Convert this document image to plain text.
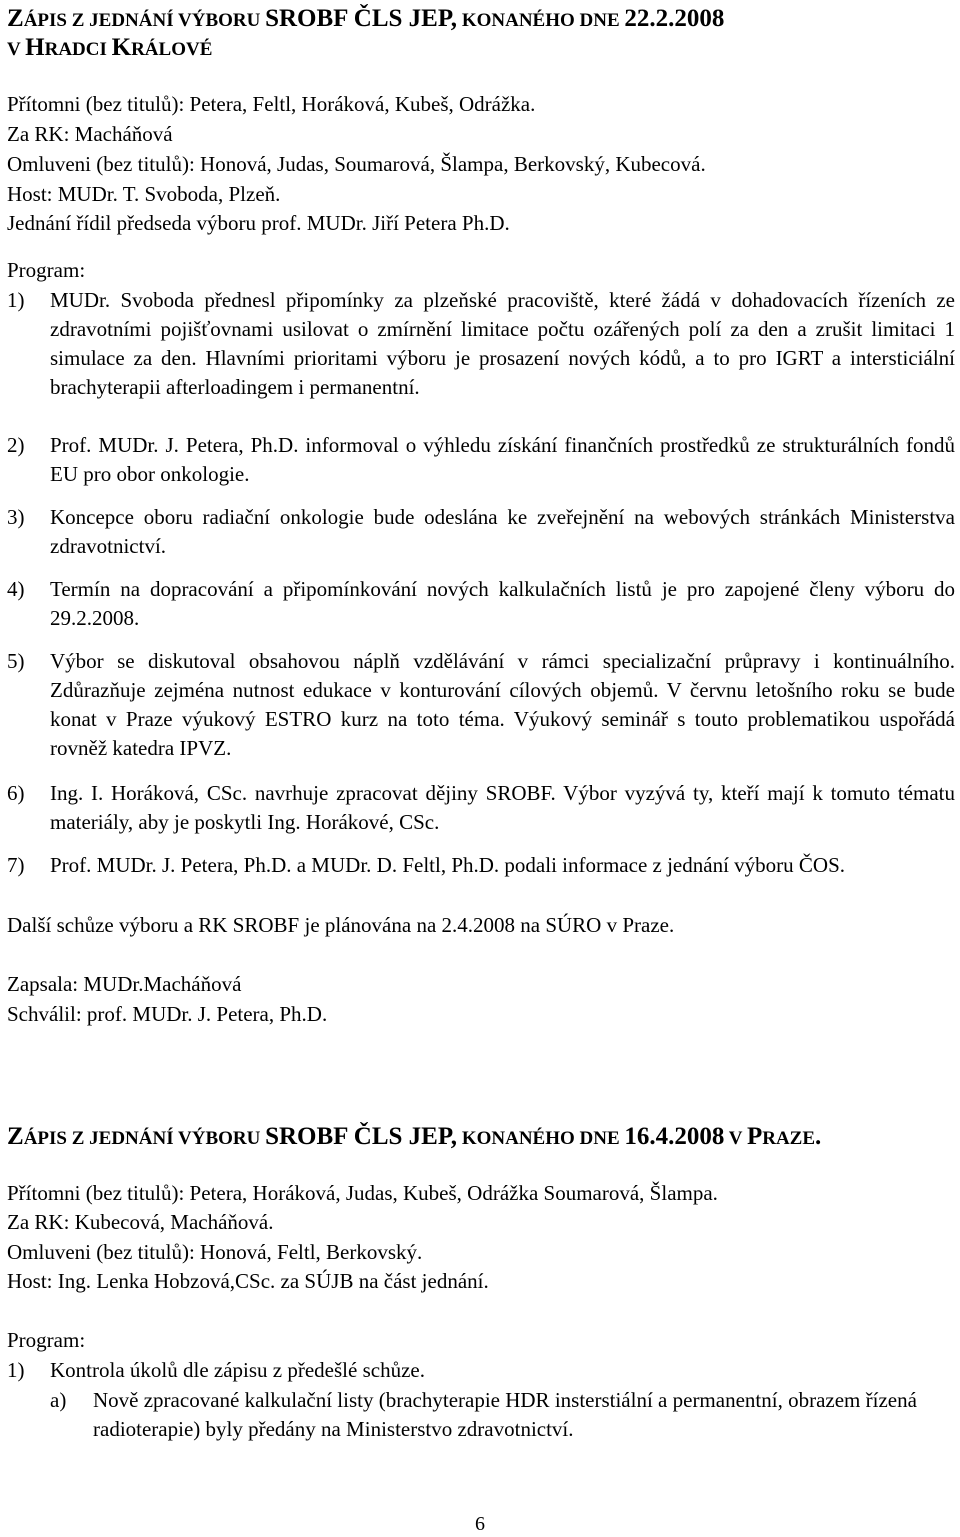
ZÁPIS Z JEDNÁNÍ VÝBORU SROBF ČLS JEP, KONANÉHO DNE 22.2.2008
V HRADCI KRÁLOVÉ
Přítomni (bez titulů): Petera, Feltl, Horáková, Kubeš, Odrážka.
Za RK: Macháňová
Omluveni (bez titulů): Honová, Judas, Soumarová, Šlampa, Berkovský, Kubecová.
Host: MUDr. T. Svoboda, Plzeň.
Jednání řídil předseda výboru prof. MUDr. Jiří Petera Ph.D.
Program:
1) MUDr. Svoboda přednesl připomínky za plzeňské pracoviště, které žádá v dohadovacích řízeních ze zdravotními pojišťovnami usilovat o zmírnění limitace počtu ozářených polí za den a zrušit limitaci 1 simulace za den. Hlavními prioritami výboru je prosazení nových kódů, a to pro IGRT a intersticiální brachyterapii afterloadingem i permanentní.
2) Prof. MUDr. J. Petera, Ph.D. informoval o výhledu získání finančních prostředků ze strukturálních fondů EU pro obor onkologie.
3) Koncepce oboru radiační onkologie bude odeslána ke zveřejnění na webových stránkách Ministerstva zdravotnictví.
4) Termín na dopracování a připomínkování nových kalkulačních listů je pro zapojené členy výboru do 29.2.2008.
5) Výbor se diskutoval obsahovou náplň vzdělávání v rámci specializační průpravy i kontinuálního. Zdůrazňuje zejména nutnost edukace v konturování cílových objemů. V červnu letošního roku se bude konat v Praze výukový ESTRO kurz na toto téma. Výukový seminář s touto problematikou uspořádá rovněž katedra IPVZ.
6) Ing. I. Horáková, CSc. navrhuje zpracovat dějiny SROBF. Výbor vyzývá ty, kteří mají k tomuto tématu materiály, aby je poskytli Ing. Horákové, CSc.
7) Prof. MUDr. J. Petera, Ph.D. a MUDr. D. Feltl, Ph.D. podali informace z jednání výboru ČOS.
Další schůze výboru a RK SROBF je plánována na 2.4.2008 na SÚRO v Praze.
Zapsala: MUDr.Macháňová
Schválil: prof. MUDr. J. Petera, Ph.D.
ZÁPIS Z JEDNÁNÍ VÝBORU SROBF ČLS JEP, KONANÉHO DNE 16.4.2008 V PRAZE.
Přítomni (bez titulů): Petera, Horáková, Judas, Kubeš, Odrážka Soumarová, Šlampa.
Za RK: Kubecová, Macháňová.
Omluveni (bez titulů): Honová, Feltl, Berkovský.
Host: Ing. Lenka Hobzová,CSc. za SÚJB na část jednání.
Program:
1) Kontrola úkolů dle zápisu z předešlé schůze.
a) Nově zpracované kalkulační listy (brachyterapie HDR insterstiální a permanentní, obrazem řízená radioterapie) byly předány na Ministerstvo zdravotnictví.
6
